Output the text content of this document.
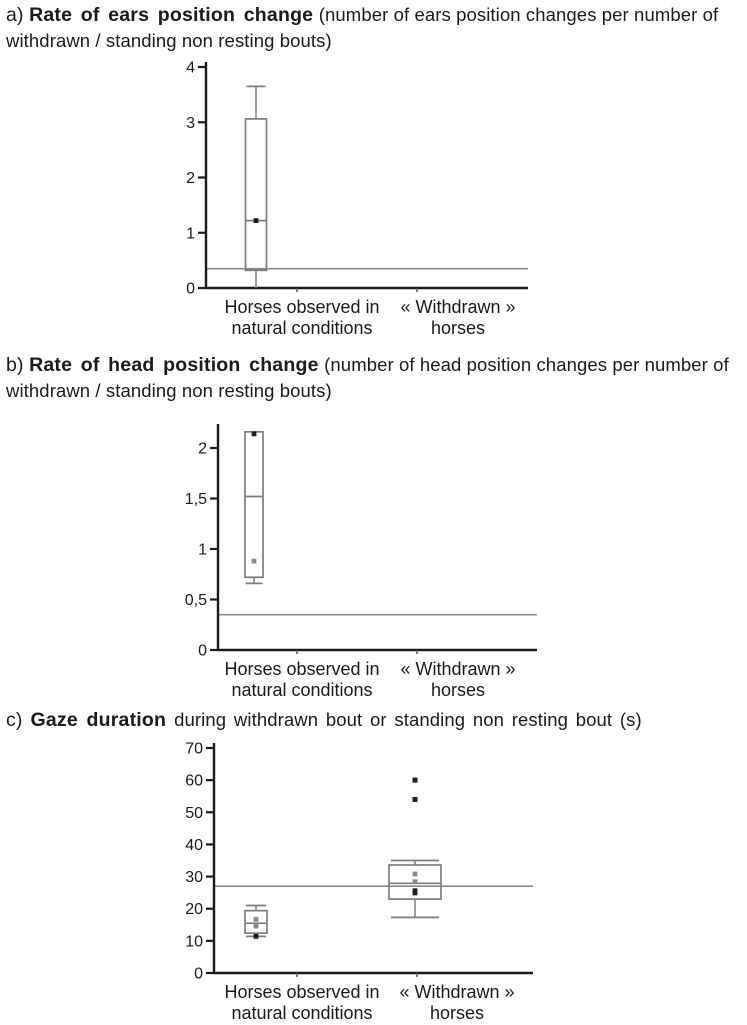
a) Rate of ears position change (number of ears position changes per number of withdrawn / standing non resting bouts)
0
1
2
3
4
Horses observed in
natural conditions
« Withdrawn »
horses
b) Rate of head position change (number of head position changes per number of withdrawn / standing non resting bouts)
0
0,5
1
1,5
2
Horses observed in
natural conditions
« Withdrawn »
horses
c) Gaze duration during withdrawn bout or standing non resting bout (s)
0
10
20
30
40
50
60
70
Horses observed in
natural conditions
« Withdrawn »
horses
